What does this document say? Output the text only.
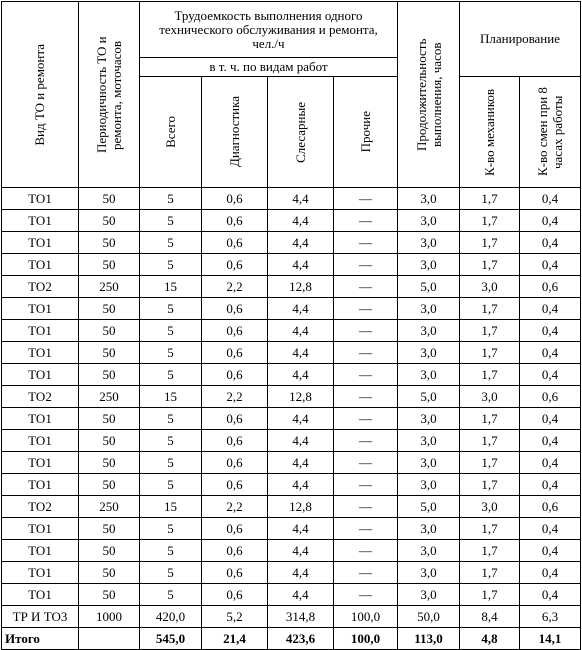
Вид ТО и ремонта	Периодичность ТО и ремонта, моточасов	Трудоемкость выполнения одного технического обслуживания и ремонта, чел./ч				Продолжительность выполнения, часов	Планирование	
		в т. ч. по видам работ						

		Всего	Диагностика	Слесарные	Прочие		К-во механиков	К-во смен при 8 часах работы

ТО1	50	5	0,6	4,4	—	3,0	1,7	0,4
ТО1	50	5	0,6	4,4	—	3,0	1,7	0,4
ТО1	50	5	0,6	4,4	—	3,0	1,7	0,4
ТО1	50	5	0,6	4,4	—	3,0	1,7	0,4
ТО2	250	15	2,2	12,8	—	5,0	3,0	0,6
ТО1	50	5	0,6	4,4	—	3,0	1,7	0,4
ТО1	50	5	0,6	4,4	—	3,0	1,7	0,4
ТО1	50	5	0,6	4,4	—	3,0	1,7	0,4
ТО1	50	5	0,6	4,4	—	3,0	1,7	0,4
ТО2	250	15	2,2	12,8	—	5,0	3,0	0,6
ТО1	50	5	0,6	4,4	—	3,0	1,7	0,4
ТО1	50	5	0,6	4,4	—	3,0	1,7	0,4
ТО1	50	5	0,6	4,4	—	3,0	1,7	0,4
ТО1	50	5	0,6	4,4	—	3,0	1,7	0,4
ТО2	250	15	2,2	12,8	—	5,0	3,0	0,6
ТО1	50	5	0,6	4,4	—	3,0	1,7	0,4
ТО1	50	5	0,6	4,4	—	3,0	1,7	0,4
ТО1	50	5	0,6	4,4	—	3,0	1,7	0,4
ТО1	50	5	0,6	4,4	—	3,0	1,7	0,4
ТР И ТО3	1000	420,0	5,2	314,8	100,0	50,0	8,4	6,3
Итого		545,0	21,4	423,6	100,0	113,0	4,8	14,1
